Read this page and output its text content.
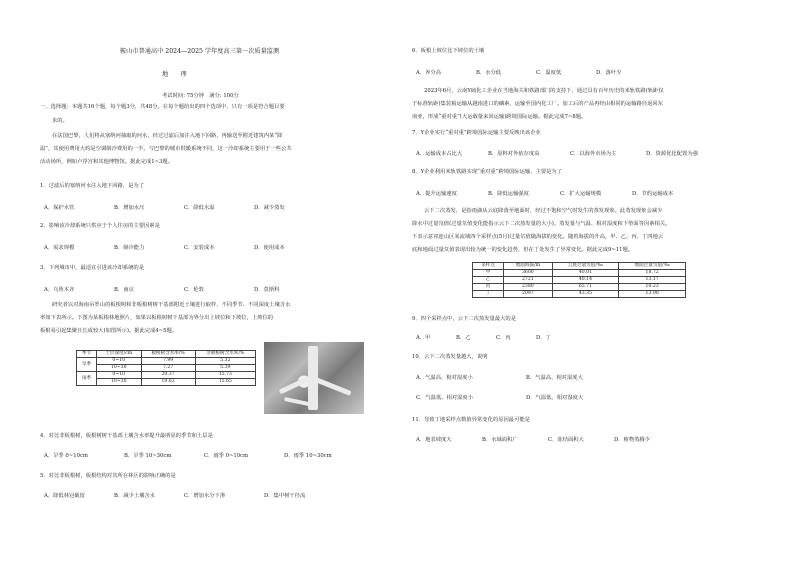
鞍山市普通高中 2024—2025 学年度高三第一次质量监测
地　　理
考试时间: 75分钟　满分: 100分
一、选择题：本题共16个题，每个题3分，共48分。在每个题给出的四个选项中，只有一项是符合题目要
求的。
在法国巴黎，人们将从塞纳河抽取的河水，经过过滤后加注入地下回路，再输送至附近建筑内某“降
温”，其使用费用大约是空调制冷费用的一半。与巴黎的城市供暖系统不同，这一冷却系统主要用于一些公共
活动场所，例如卢浮宫和其他博物馆。据此完成1~3题。
1．过滤后的塞纳河水注入地下回路，是为了
A．保护水管	B．增加水压	C．降低水温	D．减少蒸发
2．影响该冷却系统只供应于个人住房的主要因素是
A．需求规模	B．制冷能力	C．安装成本	D．使用成本
3．下列城市中，最适宜引进该冷却系统的是
A．乌鲁木齐	B．南京	C．伦敦	D．莫斯科
研究者以对海南吊罗山的板根树和非板根树树干基部附近土壤进行取样，不同季节、不同深度土壤含水
率如下表所示。下图为某板根林地照片，如果以板根树树干基部为界分出上坡位和下坡位，上坡位的
板根易引起集聚且长成较大(如图所示)。据此完成4~5题。
季节	土层深度/cm	板根树含水率/%	非板根树含水率/%
旱季	0~10	7.99	5.32
	10~30	7.27	5.39
雨季	0~10	20.37	15.73
	10~30	19.62	15.65
4．对比非板根树，板根树树干基部土壤含水率提升最明显的季节和土层是
A．旱季 0~10cm	B．旱季 10~30cm	C．雨季 0~10cm	D．雨季 10~30cm
5．对比非板根树，板根结构对其所在林区的影响正确的是
A．降低林冠截留	B．减少土壤含水	C．增加水分下渗	D．集中树干径流
6．板根上坡位比下坡位的土壤
A．养分高	B．水分低	C．温度低	D．落叶少
2023年6月，云南Y硫化工企业在当地海关和铁路部门的支持下，通过具有百年历史的米轨铁路(轨距仅
于标准轨距)集装箱运输从越南进口的磷素，运输至国内化工厂。加工后的产品再经由相同的运输路径返回东
南亚，形成“重对重”(大运载量来回运输)跨境国际运输。据此完成7~8题。
7．Y企业实行“重对重”跨境国际运输主要反映出该企业
A．运输成本占比大	B．原料对外依存度高	C．以海外市场为主	D．资源优化配置为强
8．Y企业利用米轨铁路实现“重对重”跨境国际运输，主要是为了
A．提升运输速度	B．降低运输强度	C．扩大运输规模	D．节约运输成本
云下二次蒸发，是指雨滴从云底降落至地面时，经过不饱和空气时发生的蒸发现象。此蒸发现象会减少
降水中过量氘值(过量氘值变化能指示云下二次蒸发量的大小)。蒸发量与气温、相对湿度和下垫面等因素相关。
下表示意祁连山区某流域四个采样点(5月)过量氘值随海拔的变化。随着海拔的升高，甲、乙、丙、丁四地云
底和地面过量氘值表现出较为统一的变化趋势，但在丁处发生了异常变化。据此完成9~11题。
采样点	地面海拔/m	云底过量氘值/‰	地面过量氘值/‰
甲	3600	40.01	18.72
乙	2721	40.14	13.17
丙	2380	65.71	10.23
丁	2097	43.35	13.90
9．四个采样点中，云下二次蒸发量最大的是
A．甲	B．乙	C．丙	D．丁
10．云下二次蒸发量越大，说明
A．气温高、相对湿度小	B．气温高、相对湿度大
C．气温低、相对湿度小	D．气温低、相对湿度大
11．导致丁地采样点数值异常变化的原因最可能是
A．地表坡度大	B．水域面积广	C．冻结面积大	D．植物蒸腾少
